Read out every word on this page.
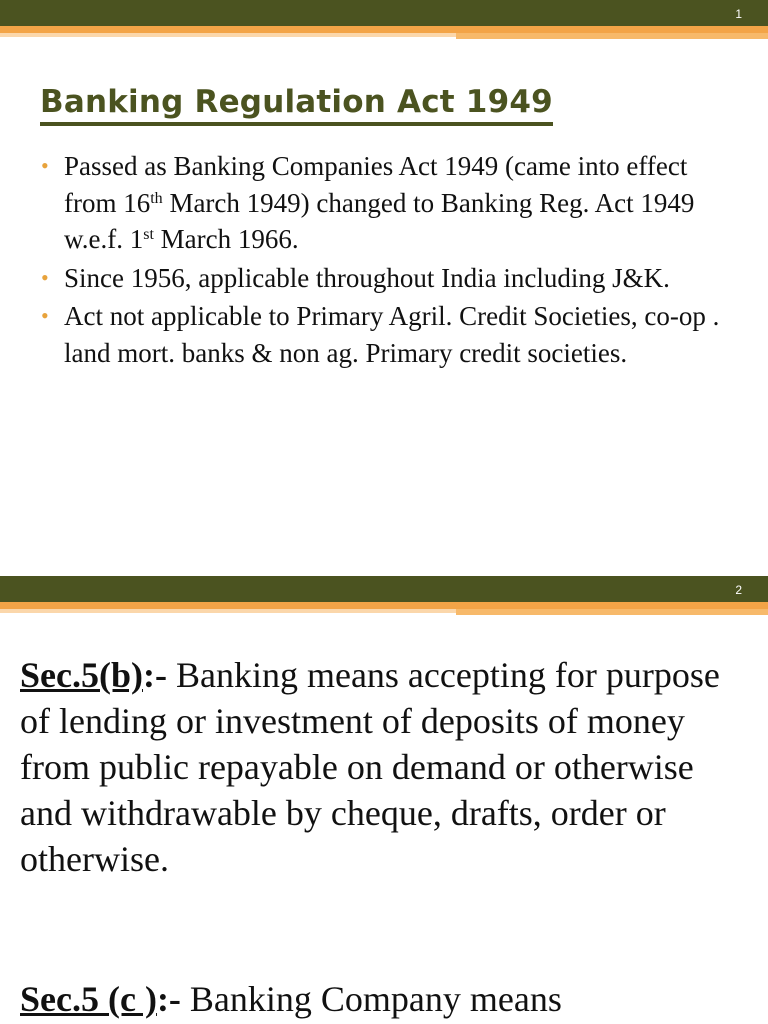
1
Banking Regulation Act 1949
• Passed as Banking Companies Act 1949 (came into effect from 16th March 1949) changed to Banking Reg. Act 1949 w.e.f. 1st March 1966.
• Since 1956, applicable throughout India including J&K.
• Act not applicable to Primary Agril. Credit Societies, co-op . land mort. banks & non ag. Primary credit societies.
2

Sec.5(b):- Banking means accepting for purpose of lending or investment of deposits of money from public repayable on demand or otherwise and withdrawable by cheque, drafts, order or otherwise.

Sec.5 (c ):- Banking Company means
